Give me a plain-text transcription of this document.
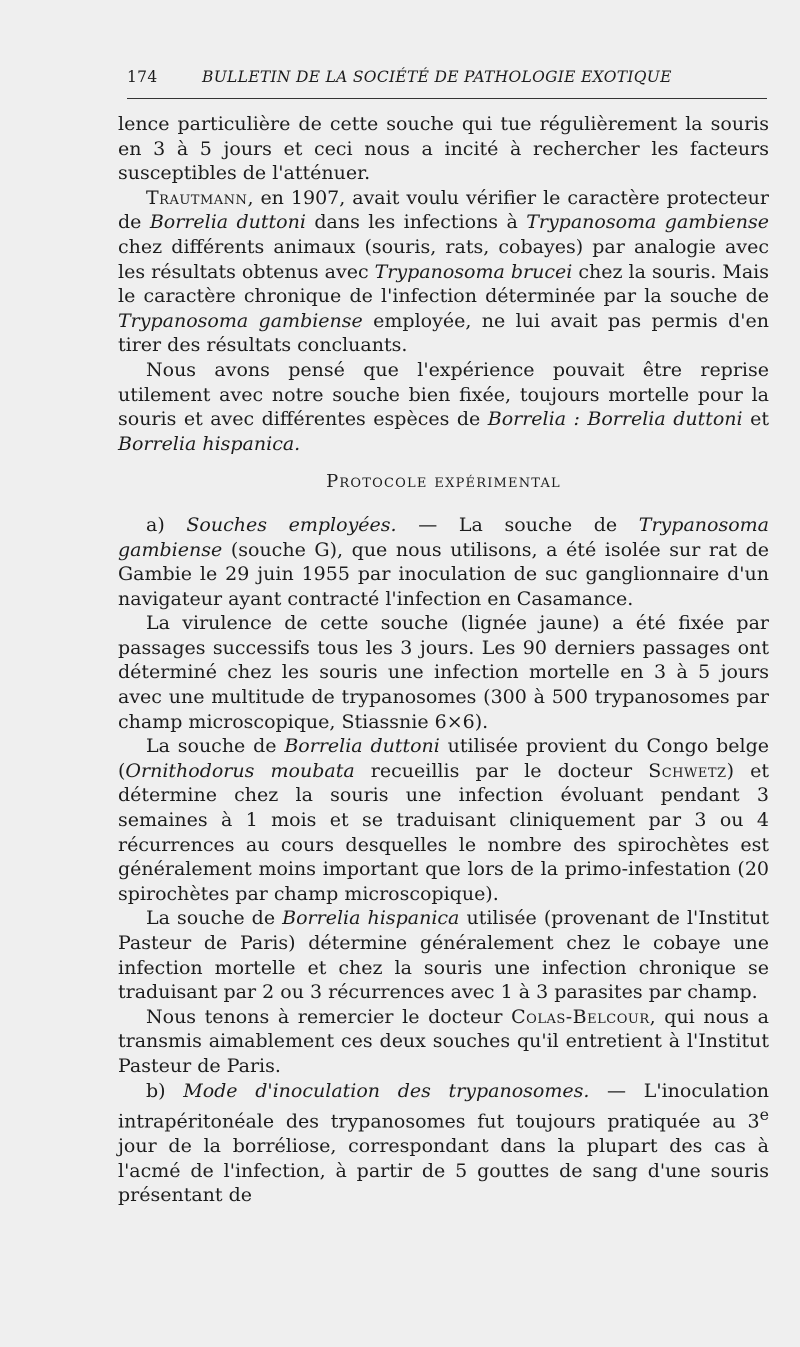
174	BULLETIN DE LA SOCIÉTÉ DE PATHOLOGIE EXOTIQUE

lence particulière de cette souche qui tue régulièrement la souris en 3 à 5 jours et ceci nous a incité à rechercher les facteurs susceptibles de l'atténuer.

Trautmann, en 1907, avait voulu vérifier le caractère protecteur de Borrelia duttoni dans les infections à Trypanosoma gambiense chez différents animaux (souris, rats, cobayes) par analogie avec les résultats obtenus avec Trypanosoma brucei chez la souris. Mais le caractère chronique de l'infection déterminée par la souche de Trypanosoma gambiense employée, ne lui avait pas permis d'en tirer des résultats concluants.

Nous avons pensé que l'expérience pouvait être reprise utilement avec notre souche bien fixée, toujours mortelle pour la souris et avec différentes espèces de Borrelia : Borrelia duttoni et Borrelia hispanica.

Protocole expérimental

a) Souches employées. — La souche de Trypanosoma gambiense (souche G), que nous utilisons, a été isolée sur rat de Gambie le 29 juin 1955 par inoculation de suc ganglionnaire d'un navigateur ayant contracté l'infection en Casamance.

La virulence de cette souche (lignée jaune) a été fixée par passages successifs tous les 3 jours. Les 90 derniers passages ont déterminé chez les souris une infection mortelle en 3 à 5 jours avec une multitude de trypanosomes (300 à 500 trypanosomes par champ microscopique, Stiassnie 6×6).

La souche de Borrelia duttoni utilisée provient du Congo belge (Ornithodorus moubata recueillis par le docteur Schwetz) et détermine chez la souris une infection évoluant pendant 3 semaines à 1 mois et se traduisant cliniquement par 3 ou 4 récurrences au cours desquelles le nombre des spirochètes est généralement moins important que lors de la primo-infestation (20 spirochètes par champ microscopique).

La souche de Borrelia hispanica utilisée (provenant de l'Institut Pasteur de Paris) détermine généralement chez le cobaye une infection mortelle et chez la souris une infection chronique se traduisant par 2 ou 3 récurrences avec 1 à 3 parasites par champ.

Nous tenons à remercier le docteur Colas-Belcour, qui nous a transmis aimablement ces deux souches qu'il entretient à l'Institut Pasteur de Paris.

b) Mode d'inoculation des trypanosomes. — L'inoculation intrapéritonéale des trypanosomes fut toujours pratiquée au 3e jour de la borréliose, correspondant dans la plupart des cas à l'acmé de l'infection, à partir de 5 gouttes de sang d'une souris présentant de
